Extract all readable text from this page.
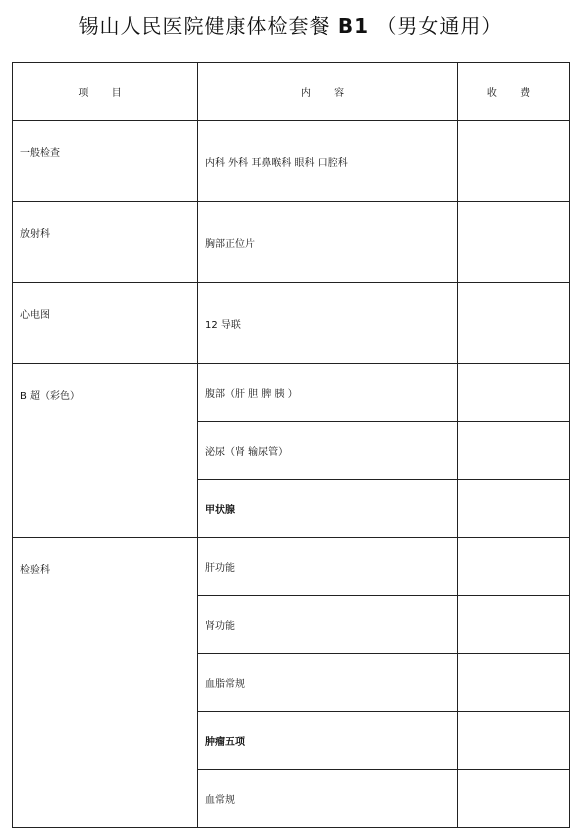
锡山人民医院健康体检套餐 B1 （男女通用）
项 目	内 容	收 费
一般检查	内科 外科 耳鼻喉科 眼科 口腔科	
放射科	胸部正位片	
心电图	12 导联	
B 超（彩色）	腹部（肝 胆 脾 胰 ）	
	泌尿（肾 输尿管）	
	甲状腺	
检验科	肝功能	
	肾功能	
	血脂常规	
	肿瘤五项	
	血常规	
